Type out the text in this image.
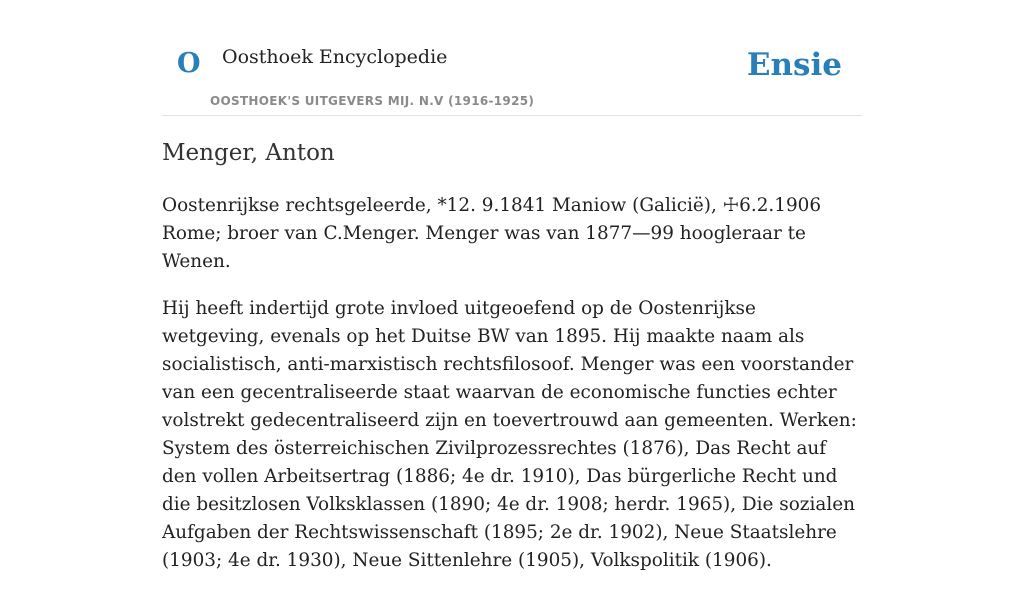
O Oosthoek Encyclopedie
OOSTHOEK'S UITGEVERS MIJ. N.V (1916-1925)
Ensie
Menger, Anton

Oostenrijkse rechtsgeleerde, *12. 9.1841 Maniow (Galicië), ☩6.2.1906 Rome; broer van C.Menger. Menger was van 1877—99 hoogleraar te Wenen.

Hij heeft indertijd grote invloed uitgeoefend op de Oostenrijkse wetgeving, evenals op het Duitse BW van 1895. Hij maakte naam als socialistisch, anti-marxistisch rechtsfilosoof. Menger was een voorstander van een gecentraliseerde staat waarvan de economische functies echter volstrekt gedecentraliseerd zijn en toevertrouwd aan gemeenten. Werken: System des österreichischen Zivilprozessrechtes (1876), Das Recht auf den vollen Arbeitsertrag (1886; 4e dr. 1910), Das bürgerliche Recht und die besitzlosen Volksklassen (1890; 4e dr. 1908; herdr. 1965), Die sozialen Aufgaben der Rechtswissenschaft (1895; 2e dr. 1902), Neue Staatslehre (1903; 4e dr. 1930), Neue Sittenlehre (1905), Volkspolitik (1906).
